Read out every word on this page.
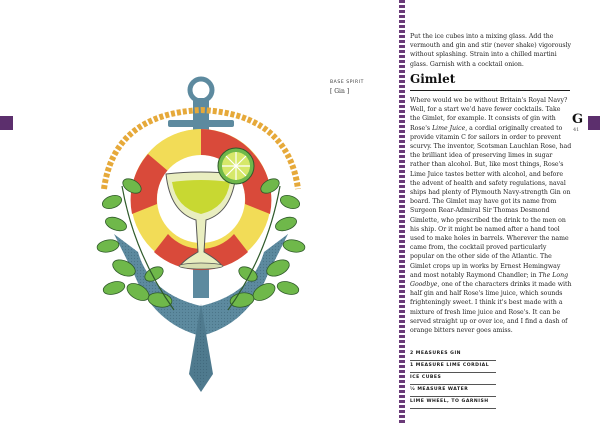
BASE SPIRIT
[ Gin ]

Put the ice cubes into a mixing glass. Add the vermouth and gin and stir (never shake) vigorously without splashing. Strain into a chilled martini glass. Garnish with a cocktail onion.

Gimlet

Where would we be without Britain's Royal Navy? Well, for a start we'd have fewer cocktails. Take the Gimlet, for example. It consists of gin with Rose's Lime Juice, a cordial originally created to provide vitamin C for sailors in order to prevent scurvy. The inventor, Scotsman Lauchlan Rose, had the brilliant idea of preserving limes in sugar rather than alcohol. But, like most things, Rose's Lime Juice tastes better with alcohol, and before the advent of health and safety regulations, naval ships had plenty of Plymouth Navy-strength Gin on board. The Gimlet may have got its name from Surgeon Rear-Admiral Sir Thomas Desmond Gimlette, who prescribed the drink to the men on his ship. Or it might be named after a hand tool used to make holes in barrels. Wherever the name came from, the cocktail proved particularly popular on the other side of the Atlantic. The Gimlet crops up in works by Ernest Hemingway and most notably Raymond Chandler; in The Long Goodbye, one of the characters drinks it made with half gin and half Rose's lime juice, which sounds frighteningly sweet. I think it's best made with a mixture of fresh lime juice and Rose's. It can be served straight up or over ice, and I find a dash of orange bitters never goes amiss.

2 MEASURES GIN
1 MEASURE LIME CORDIAL
ICE CUBES
½ MEASURE WATER
LIME WHEEL, TO GARNISH
G
41
